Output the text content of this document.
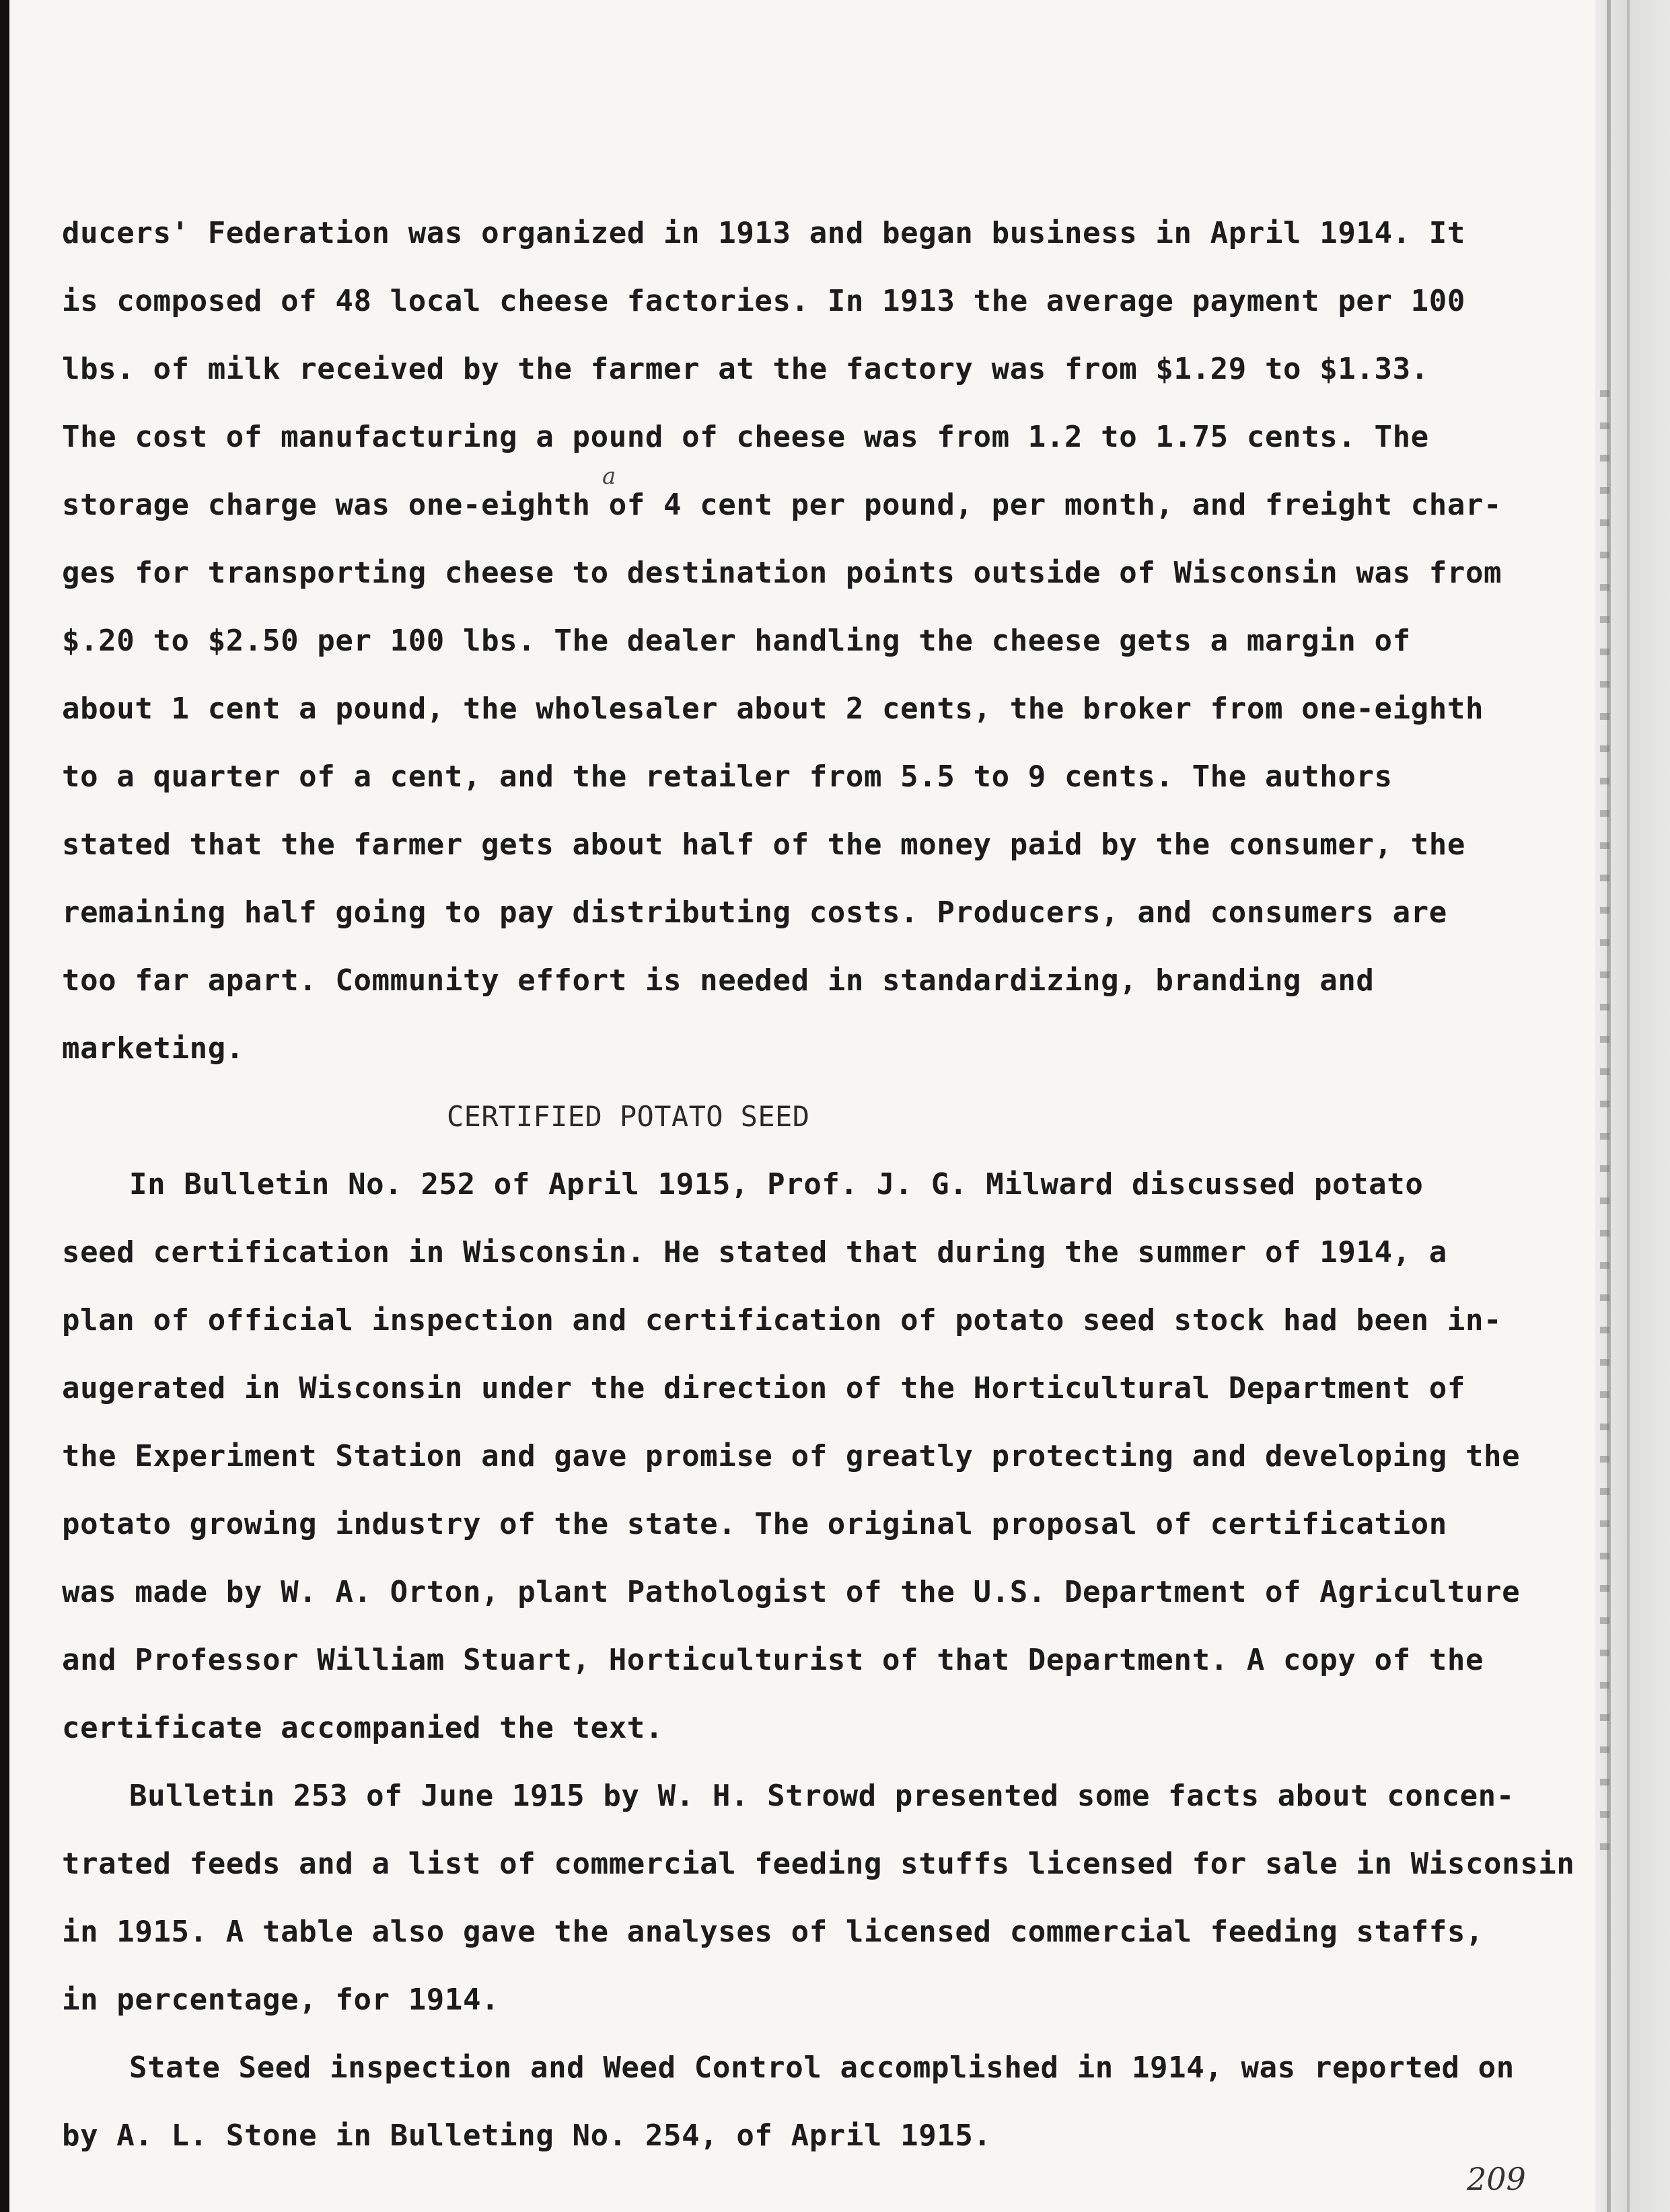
a
ducers' Federation was organized in 1913 and began business in April 1914. It
is composed of 48 local cheese factories. In 1913 the average payment per 100
lbs. of milk received by the farmer at the factory was from $1.29 to $1.33.
The cost of manufacturing a pound of cheese was from 1.2 to 1.75 cents. The
storage charge was one-eighth of 4 cent per pound, per month, and freight char-
ges for transporting cheese to destination points outside of Wisconsin was from
$.20 to $2.50 per 100 lbs. The dealer handling the cheese gets a margin of
about 1 cent a pound, the wholesaler about 2 cents, the broker from one-eighth
to a quarter of a cent, and the retailer from 5.5 to 9 cents. The authors
stated that the farmer gets about half of the money paid by the consumer, the
remaining half going to pay distributing costs. Producers, and consumers are
too far apart. Community effort is needed in standardizing, branding and
marketing.
CERTIFIED POTATO SEED
In Bulletin No. 252 of April 1915, Prof. J. G. Milward discussed potato
seed certification in Wisconsin. He stated that during the summer of 1914, a
plan of official inspection and certification of potato seed stock had been in-
augerated in Wisconsin under the direction of the Horticultural Department of
the Experiment Station and gave promise of greatly protecting and developing the
potato growing industry of the state. The original proposal of certification
was made by W. A. Orton, plant Pathologist of the U.S. Department of Agriculture
and Professor William Stuart, Horticulturist of that Department. A copy of the
certificate accompanied the text.
Bulletin 253 of June 1915 by W. H. Strowd presented some facts about concen-
trated feeds and a list of commercial feeding stuffs licensed for sale in Wisconsin
in 1915. A table also gave the analyses of licensed commercial feeding staffs,
in percentage, for 1914.
State Seed inspection and Weed Control accomplished in 1914, was reported on
by A. L. Stone in Bulleting No. 254, of April 1915.
209
